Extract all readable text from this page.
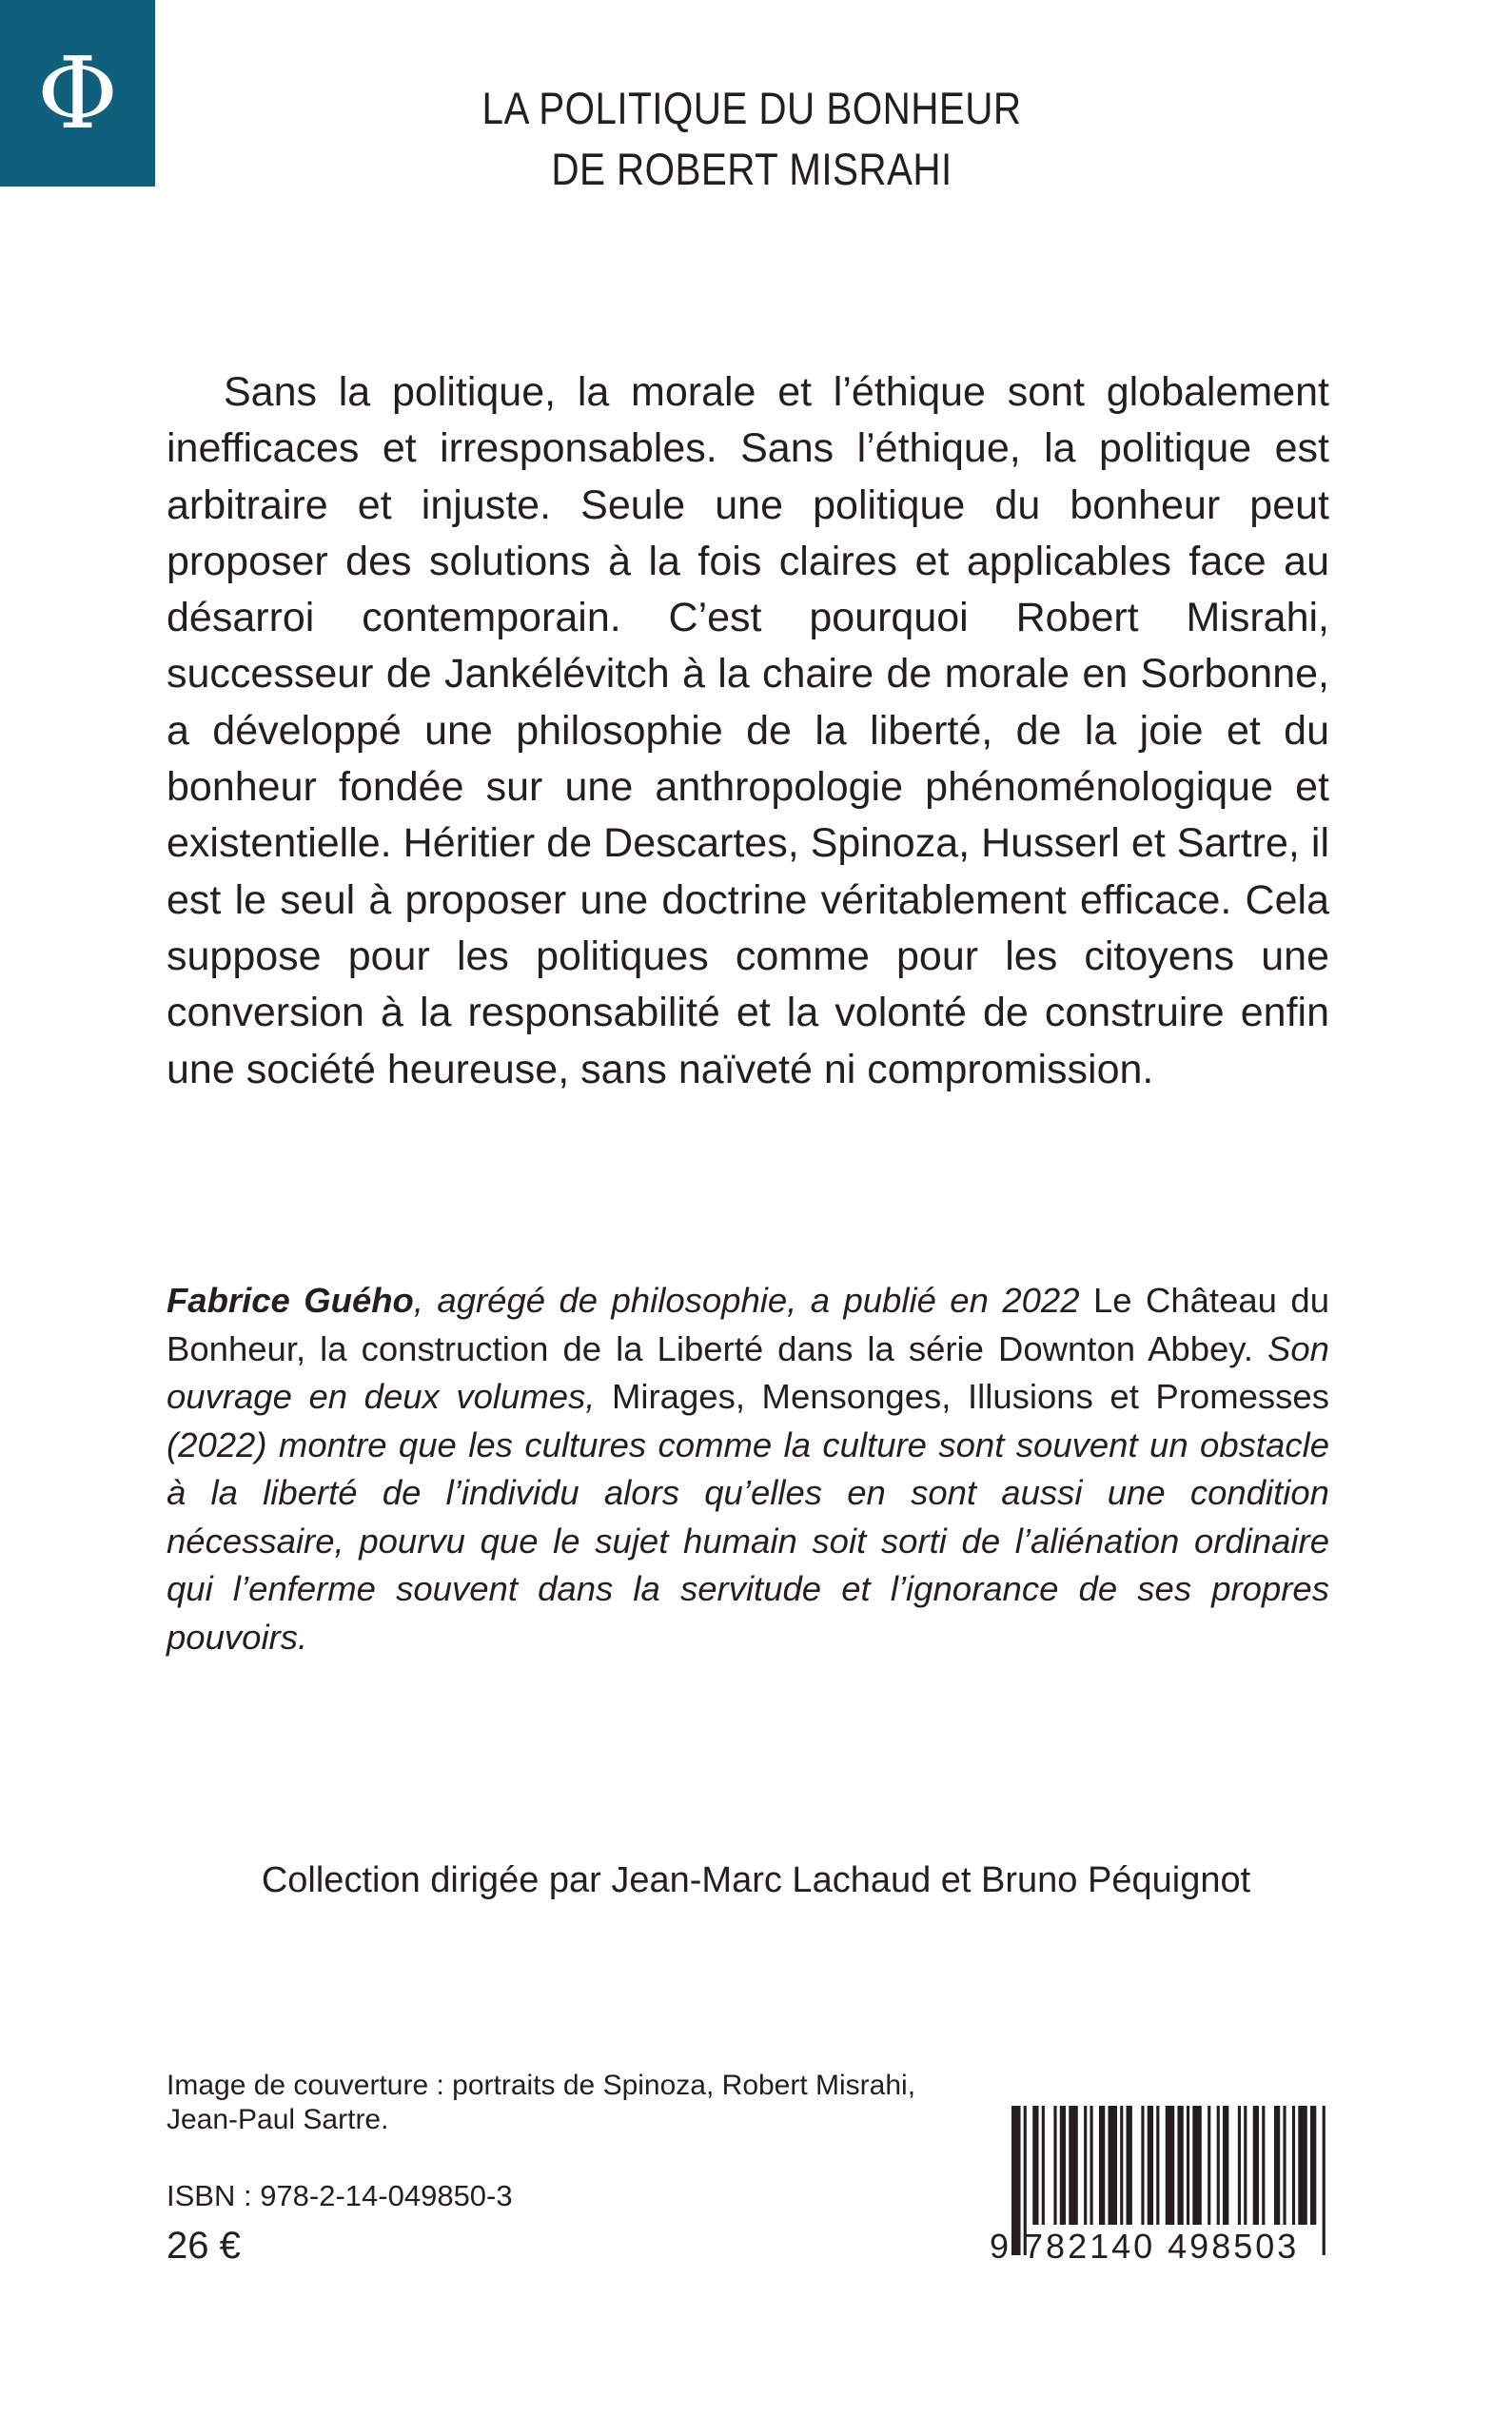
Φ	LA POLITIQUE DU BONHEUR
DE ROBERT MISRAHI

Sans la politique, la morale et l’éthique sont globalement inefficaces et irresponsables. Sans l’éthique, la politique est arbitraire et injuste. Seule une politique du bonheur peut proposer des solutions à la fois claires et applicables face au désarroi contemporain. C’est pourquoi Robert Misrahi, successeur de Jankélévitch à la chaire de morale en Sorbonne, a développé une philosophie de la liberté, de la joie et du bonheur fondée sur une anthropologie phénoménologique et existentielle. Héritier de Descartes, Spinoza, Husserl et Sartre, il est le seul à proposer une doctrine véritablement efficace. Cela suppose pour les politiques comme pour les citoyens une conversion à la responsabilité et la volonté de construire enfin une société heureuse, sans naïveté ni compromission.

Fabrice Guého, agrégé de philosophie, a publié en 2022 Le Château du Bonheur, la construction de la Liberté dans la série Downton Abbey. Son ouvrage en deux volumes, Mirages, Mensonges, Illusions et Promesses (2022) montre que les cultures comme la culture sont souvent un obstacle à la liberté de l’individu alors qu’elles en sont aussi une condition nécessaire, pourvu que le sujet humain soit sorti de l’aliénation ordinaire qui l’enferme souvent dans la servitude et l’ignorance de ses propres pouvoirs.

Collection dirigée par Jean-Marc Lachaud et Bruno Péquignot
Image de couverture : portraits de Spinoza, Robert Misrahi, Jean-Paul Sartre.
ISBN : 978-2-14-049850-3
26 €	9 782140 498503
